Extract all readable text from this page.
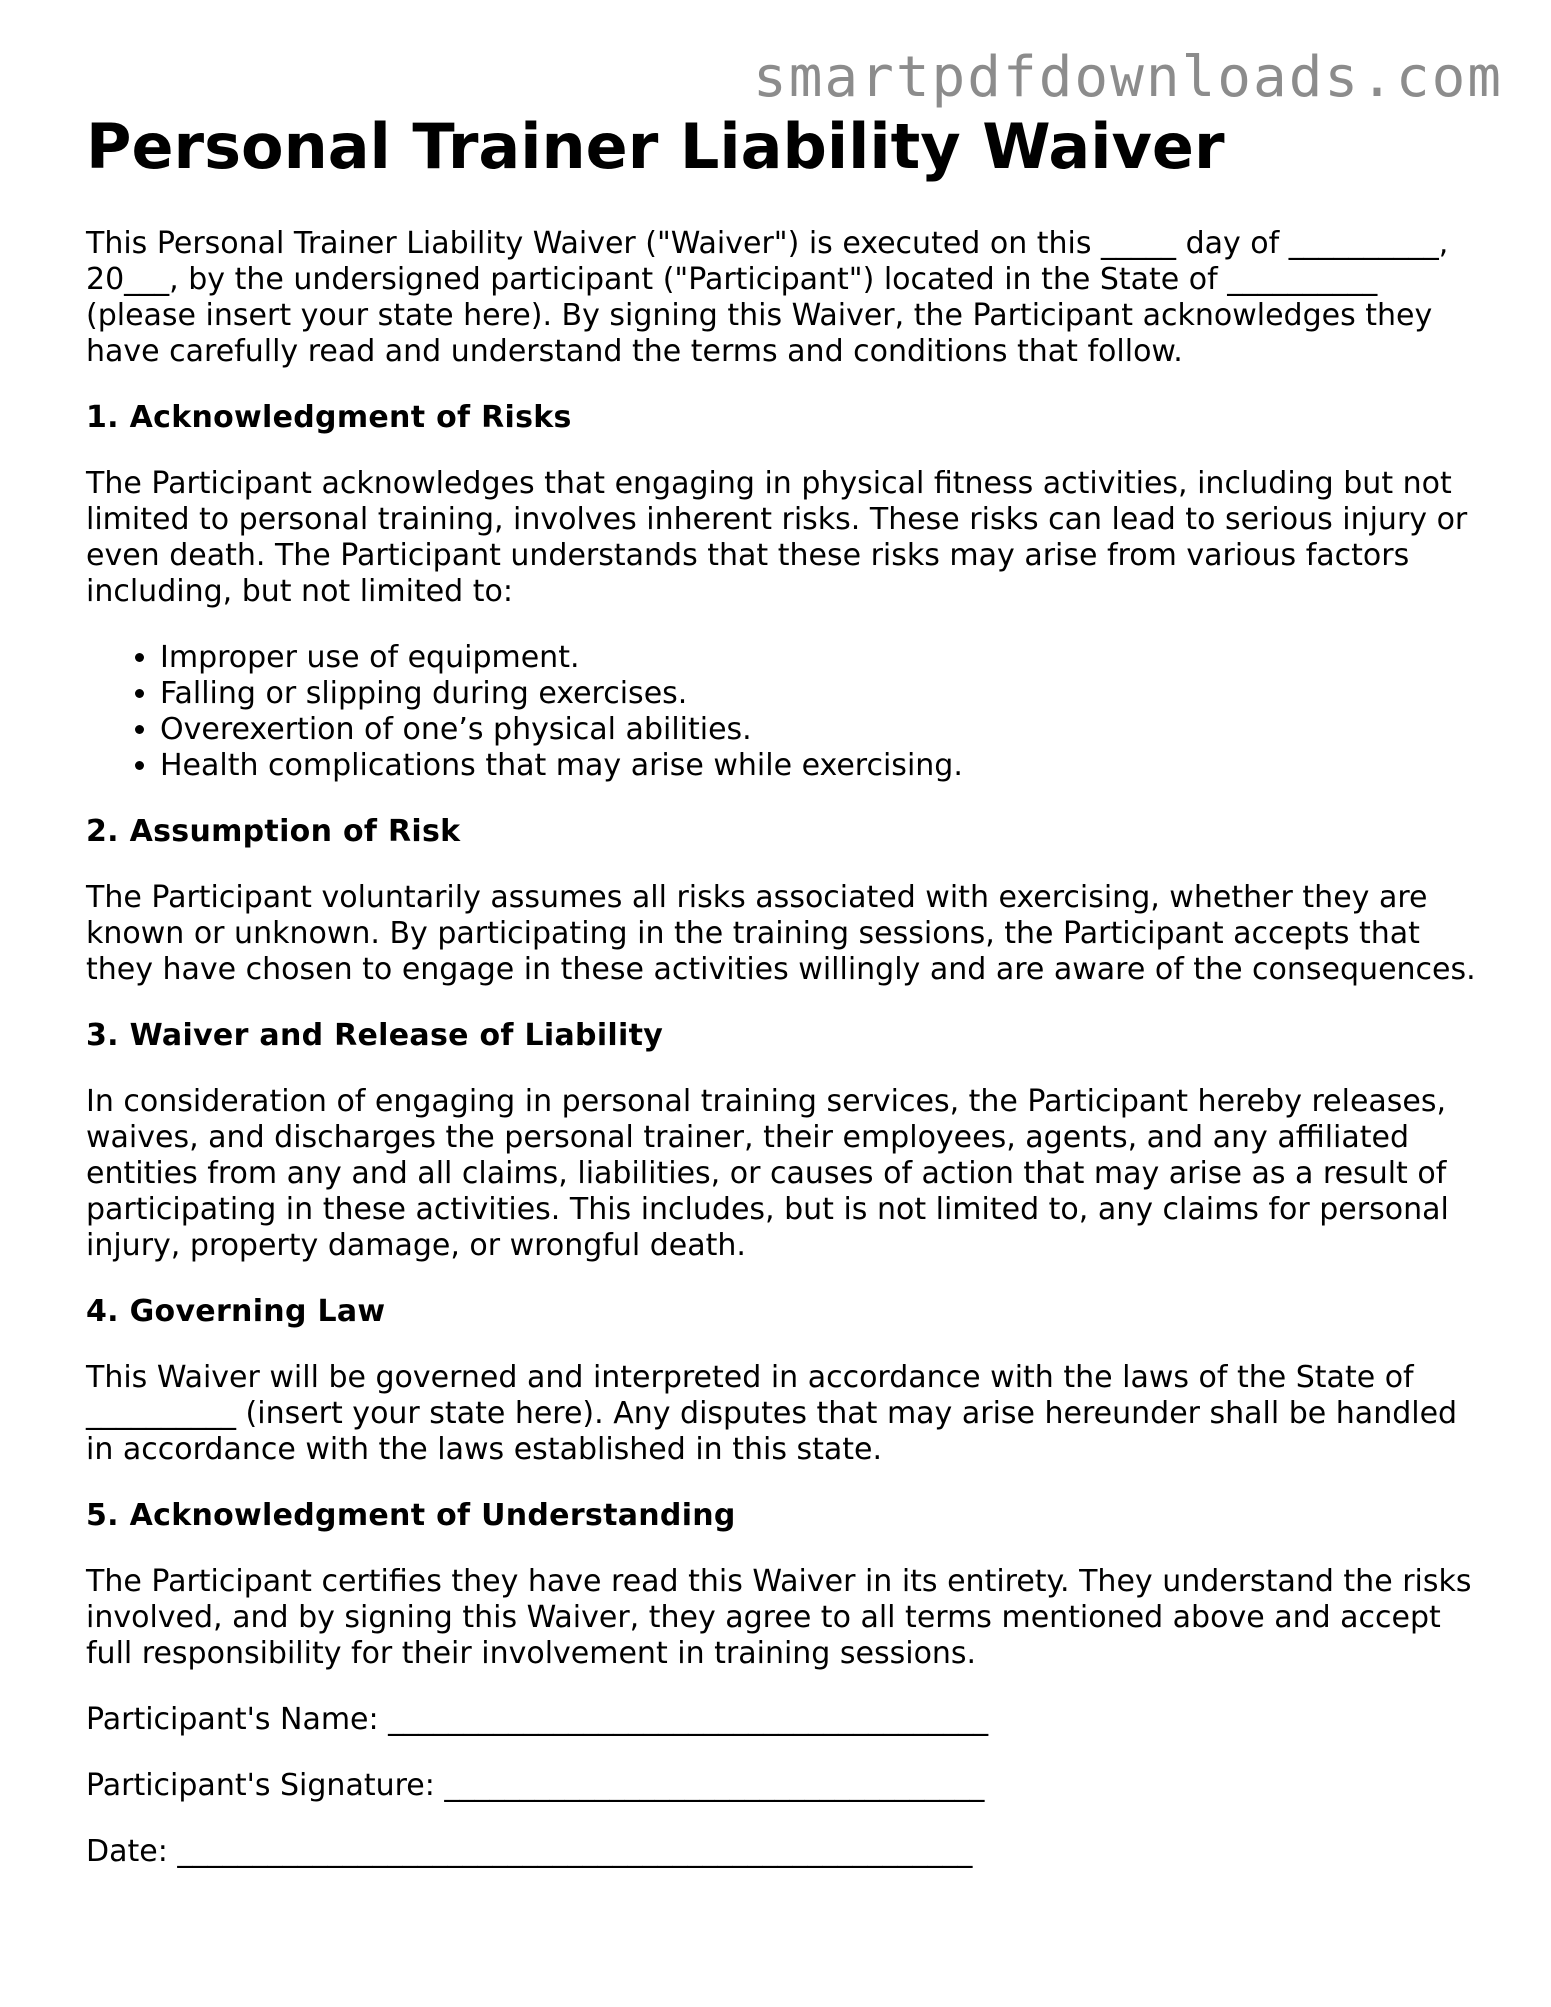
smartpdfdownloads.com
Personal Trainer Liability Waiver

This Personal Trainer Liability Waiver ("Waiver") is executed on this _____ day of __________, 20___, by the undersigned participant ("Participant") located in the State of __________ (please insert your state here). By signing this Waiver, the Participant acknowledges they have carefully read and understand the terms and conditions that follow.

1. Acknowledgment of Risks

The Participant acknowledges that engaging in physical fitness activities, including but not limited to personal training, involves inherent risks. These risks can lead to serious injury or even death. The Participant understands that these risks may arise from various factors including, but not limited to:

• Improper use of equipment.
• Falling or slipping during exercises.
• Overexertion of one’s physical abilities.
• Health complications that may arise while exercising.
2. Assumption of Risk

The Participant voluntarily assumes all risks associated with exercising, whether they are known or unknown. By participating in the training sessions, the Participant accepts that they have chosen to engage in these activities willingly and are aware of the consequences.

3. Waiver and Release of Liability

In consideration of engaging in personal training services, the Participant hereby releases, waives, and discharges the personal trainer, their employees, agents, and any affiliated entities from any and all claims, liabilities, or causes of action that may arise as a result of participating in these activities. This includes, but is not limited to, any claims for personal injury, property damage, or wrongful death.

4. Governing Law

This Waiver will be governed and interpreted in accordance with the laws of the State of __________ (insert your state here). Any disputes that may arise hereunder shall be handled in accordance with the laws established in this state.

5. Acknowledgment of Understanding

The Participant certifies they have read this Waiver in its entirety. They understand the risks involved, and by signing this Waiver, they agree to all terms mentioned above and accept full responsibility for their involvement in training sessions.

Participant's Name: ________________________________________
Participant's Signature: ____________________________________
Date: _____________________________________________________
